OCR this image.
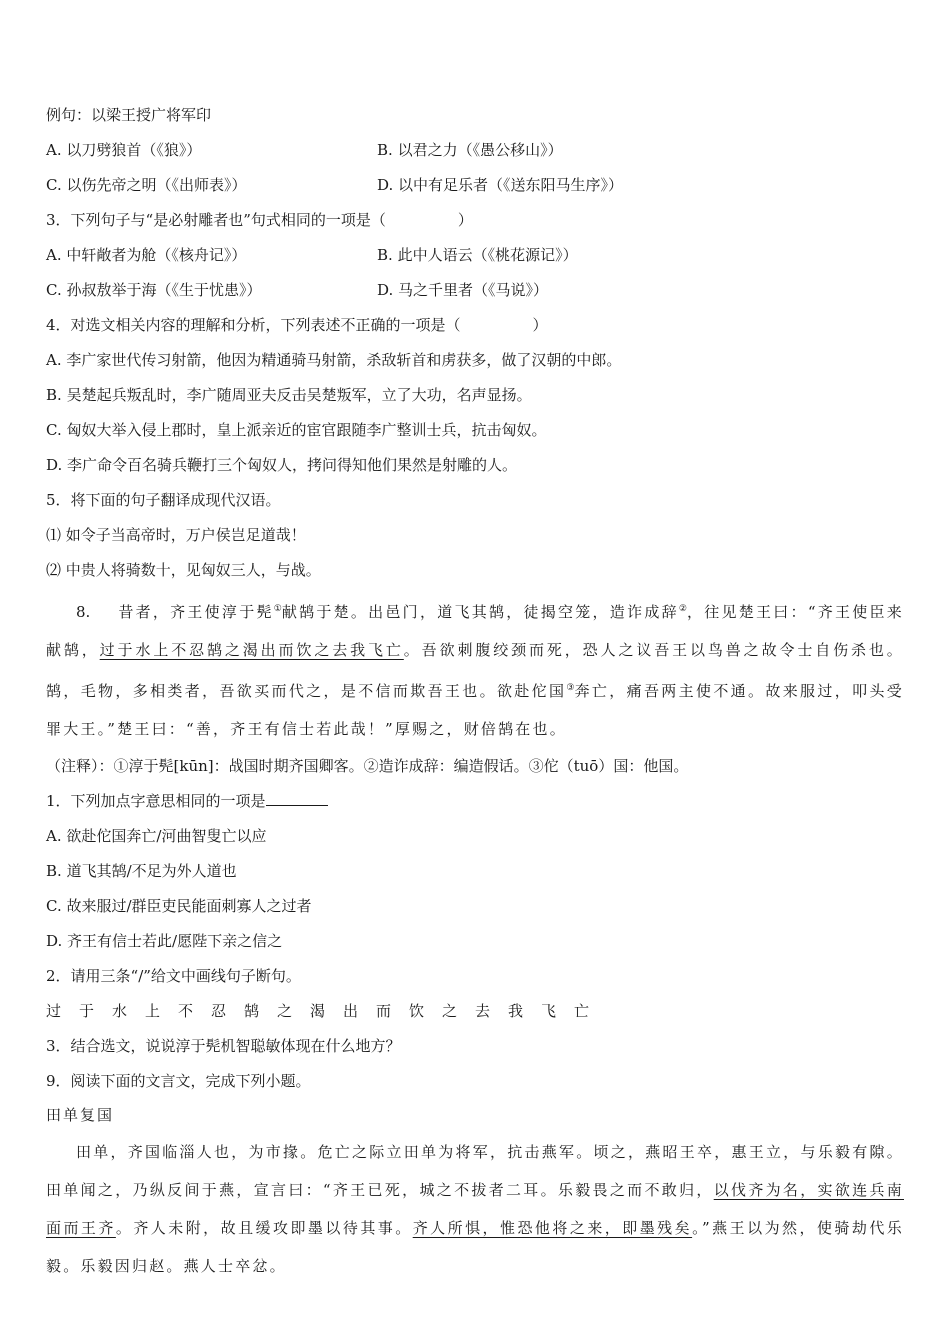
例句：以梁王授广将军印
A. 以刀劈狼首（《狼》）	B. 以君之力（《愚公移山》）
C. 以伤先帝之明（《出师表》）	D. 以中有足乐者（《送东阳马生序》）
3．下列句子与“是必射雕者也”句式相同的一项是（	）
A. 中轩敞者为舱（《核舟记》）	B. 此中人语云（《桃花源记》）
C. 孙叔敖举于海（《生于忧患》）	D. 马之千里者（《马说》）
4．对选文相关内容的理解和分析，下列表述不正确的一项是（	）
A. 李广家世代传习射箭，他因为精通骑马射箭，杀敌斩首和虏获多，做了汉朝的中郎。
B. 吴楚起兵叛乱时，李广随周亚夫反击吴楚叛军，立了大功，名声显扬。
C. 匈奴大举入侵上郡时，皇上派亲近的宦官跟随李广整训士兵，抗击匈奴。
D. 李广命令百名骑兵鞭打三个匈奴人，拷问得知他们果然是射雕的人。
5．将下面的句子翻译成现代汉语。
⑴ 如令子当高帝时，万户侯岂足道哉！
⑵ 中贵人将骑数十，见匈奴三人，与战。
8. 昔者，齐王使淳于髡①献鹄于楚。出邑门，道飞其鹄，徒揭空笼，造诈成辞②，往见楚王曰：“齐王使臣来献鹄，过于水上不忍鹄之渴出而饮之去我飞亡。吾欲刺腹绞颈而死，恐人之议吾王以鸟兽之故令士自伤杀也。鹄，毛物，多相类者，吾欲买而代之，是不信而欺吾王也。欲赴佗国③奔亡，痛吾两主使不通。故来服过，叩头受罪大王。”楚王曰：“善，齐王有信士若此哉！”厚赐之，财倍鹄在也。
（注释）：①淳于髡[kūn]：战国时期齐国卿客。②造诈成辞：编造假话。③佗（tuō）国：他国。
1．下列加点字意思相同的一项是
A. 欲赴佗国奔亡/河曲智叟亡以应
B. 道飞其鹄/不足为外人道也
C. 故来服过/群臣吏民能面刺寡人之过者
D. 齐王有信士若此/愿陛下亲之信之
2．请用三条“/”给文中画线句子断句。
过	于	水	上	不	忍	鹄	之	渴	出	而	饮	之	去	我	飞	亡
3．结合选文，说说淳于髡机智聪敏体现在什么地方？
9．阅读下面的文言文，完成下列小题。
田单复国
田单，齐国临淄人也，为市掾。危亡之际立田单为将军，抗击燕军。顷之，燕昭王卒，惠王立，与乐毅有隙。田单闻之，乃纵反间于燕，宣言曰：“齐王已死，城之不拔者二耳。乐毅畏之而不敢归，以伐齐为名，实欲连兵南面而王齐。齐人未附，故且缓攻即墨以待其事。齐人所惧，惟恐他将之来，即墨残矣。”燕王以为然，使骑劫代乐毅。乐毅因归赵。燕人士卒忿。
